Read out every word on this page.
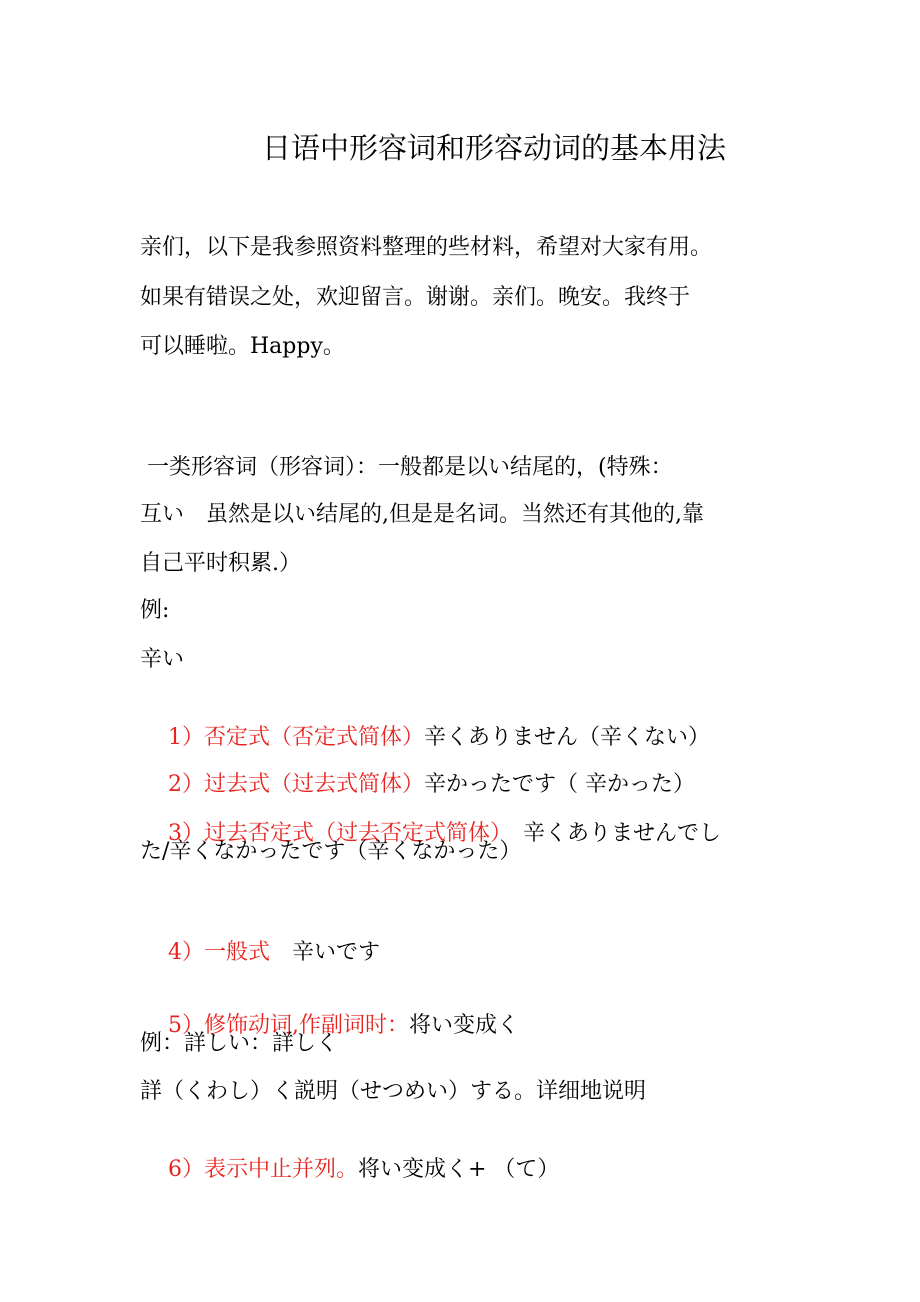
日语中形容词和形容动词的基本用法
亲们，以下是我参照资料整理的些材料，希望对大家有用。
如果有错误之处，欢迎留言。谢谢。亲们。晚安。我终于
可以睡啦。Happy。
一类形容词（形容词）：一般都是以い结尾的，(特殊：
互い　虽然是以い结尾的,但是是名词。当然还有其他的,靠
自己平时积累.）
例:
辛い

1）否定式（否定式简体）辛くありません（辛くない）

2）过去式（过去式简体）辛かったです（ 辛かった）

3）过去否定式（过去否定式简体）　辛くありませんでし

た/辛くなかったです（辛くなかった）

4）一般式　辛いです

5）修饰动词,作副词时：将い变成く

例：詳しい：詳しく
詳（くわし）く説明（せつめい）する。详细地说明

6）表示中止并列。将い变成く+ （て）
